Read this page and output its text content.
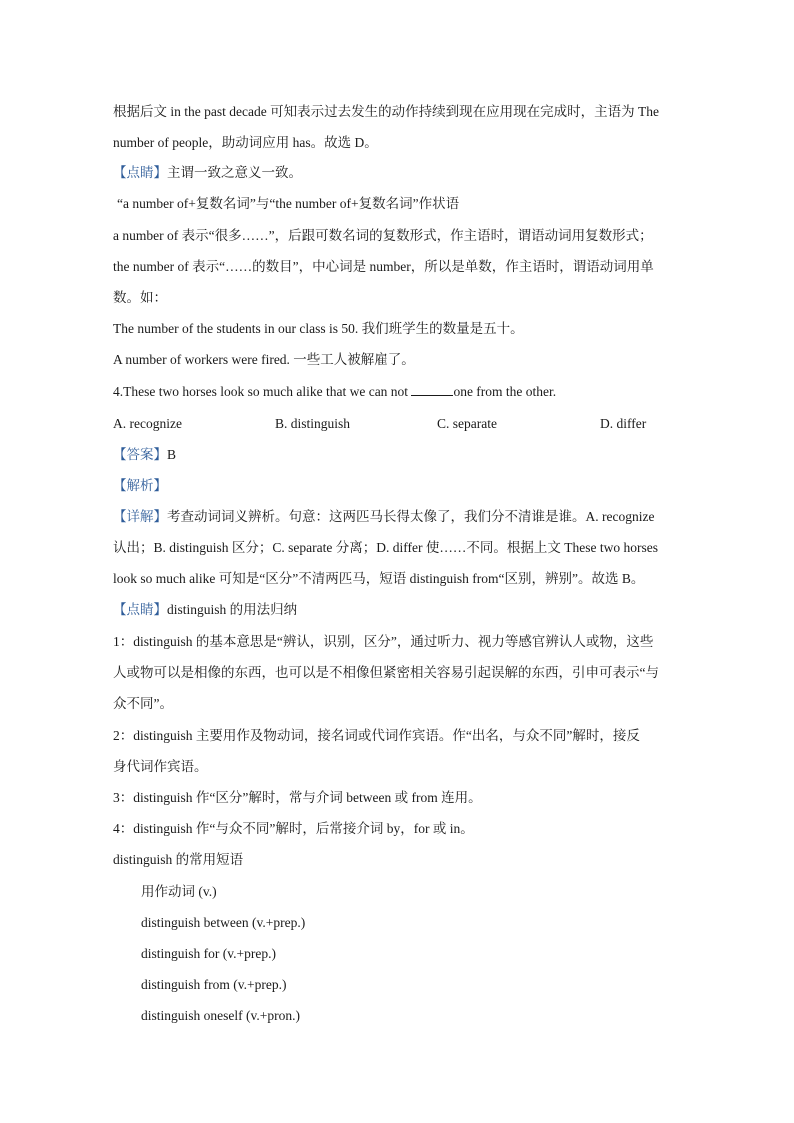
根据后文 in the past decade 可知表示过去发生的动作持续到现在应用现在完成时，主语为 The
number of people，助动词应用 has。故选 D。
【点睛】主谓一致之意义一致。
“a number of+复数名词”与“the number of+复数名词”作状语
a number of 表示“很多……”，后跟可数名词的复数形式，作主语时，谓语动词用复数形式；
the number of 表示“……的数目”，中心词是 number，所以是单数，作主语时，谓语动词用单
数。如：
The number of the students in our class is 50. 我们班学生的数量是五十。
A number of workers were fired. 一些工人被解雇了。
4.These two horses look so much alike that we can not	one from the other.
A. recognize	B. distinguish	C. separate	D. differ
【答案】B
【解析】
【详解】考查动词词义辨析。句意：这两匹马长得太像了，我们分不清谁是谁。A. recognize
认出；B. distinguish 区分；C. separate 分离；D. differ 使……不同。根据上文 These two horses
look so much alike 可知是“区分”不清两匹马，短语 distinguish from“区别，辨别”。故选 B。
【点睛】distinguish 的用法归纳
1：distinguish 的基本意思是“辨认，识别，区分”，通过听力、视力等感官辨认人或物，这些
人或物可以是相像的东西，也可以是不相像但紧密相关容易引起误解的东西，引申可表示“与
众不同”。
2：distinguish 主要用作及物动词，接名词或代词作宾语。作“出名，与众不同”解时，接反
身代词作宾语。
3：distinguish 作“区分”解时，常与介词 between 或 from 连用。
4：distinguish 作“与众不同”解时，后常接介词 by，for 或 in。
distinguish 的常用短语
用作动词 (v.)
distinguish between (v.+prep.)
distinguish for (v.+prep.)
distinguish from (v.+prep.)
distinguish oneself (v.+pron.)
